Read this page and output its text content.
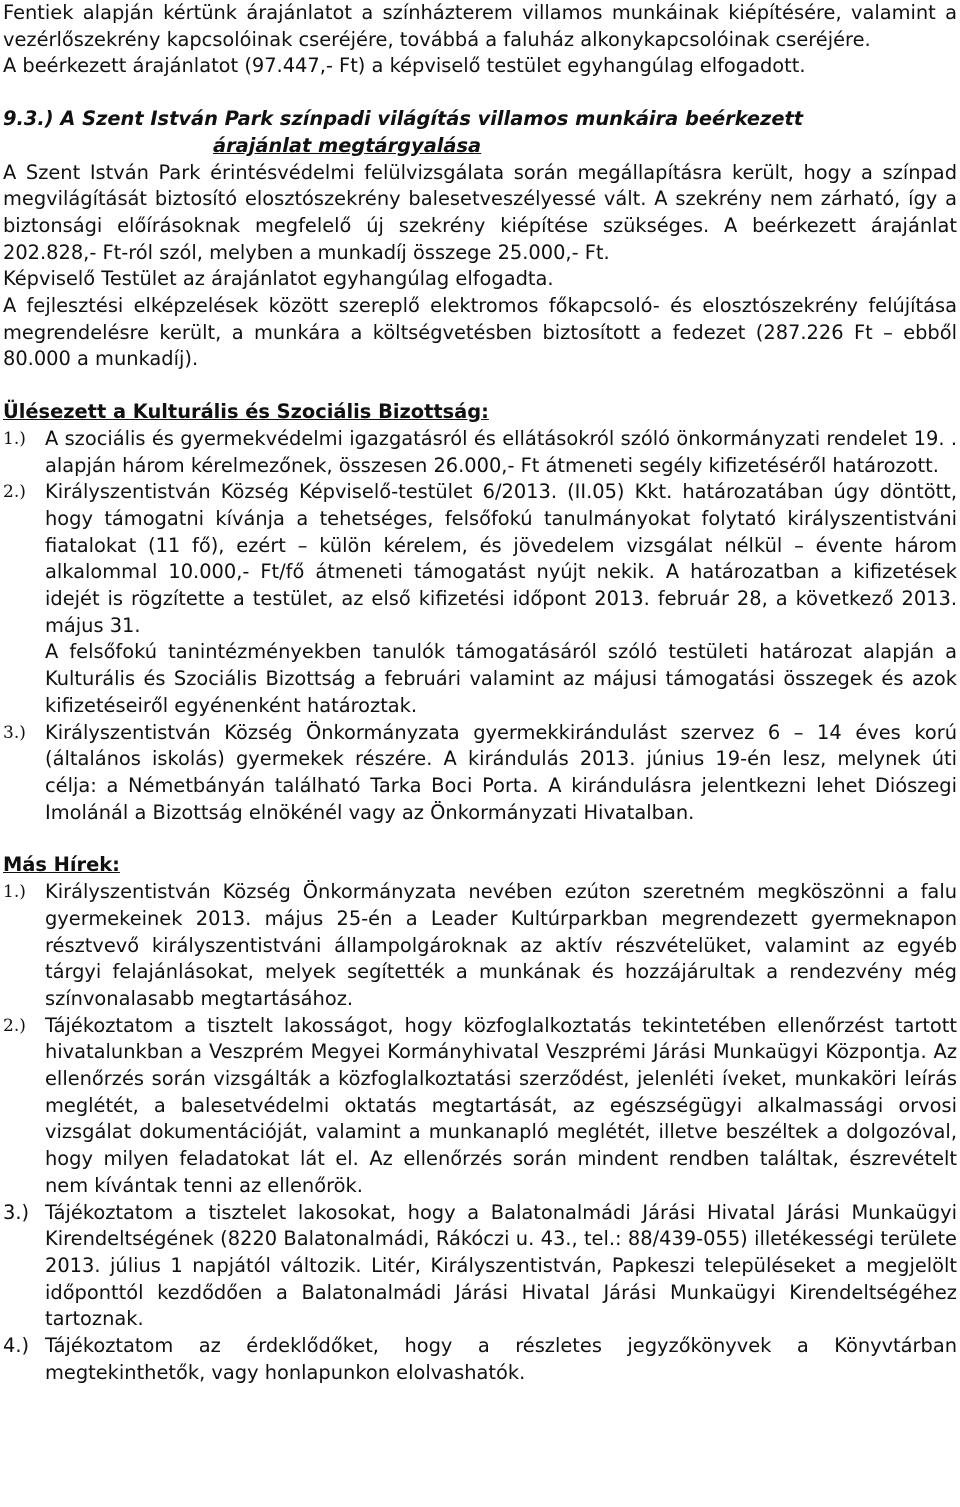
Fentiek alapján kértünk árajánlatot a színházterem villamos munkáinak kiépítésére, valamint a vezérlőszekrény kapcsolóinak cseréjére, továbbá a faluház alkonykapcsolóinak cseréjére.

A beérkezett árajánlatot (97.447,- Ft) a képviselő testület egyhangúlag elfogadott.

9.3.) A Szent István Park színpadi világítás villamos munkáira beérkezett
árajánlat megtárgyalása

A Szent István Park érintésvédelmi felülvizsgálata során megállapításra került, hogy a színpad megvilágítását biztosító elosztószekrény balesetveszélyessé vált. A szekrény nem zárható, így a biztonsági előírásoknak megfelelő új szekrény kiépítése szükséges. A beérkezett árajánlat 202.828,- Ft-ról szól, melyben a munkadíj összege 25.000,- Ft.

Képviselő Testület az árajánlatot egyhangúlag elfogadta.

A fejlesztési elképzelések között szereplő elektromos főkapcsoló- és elosztószekrény felújítása megrendelésre került, a munkára a költségvetésben biztosított a fedezet (287.226 Ft – ebből 80.000 a munkadíj).

Ülésezett a Kulturális és Szociális Bizottság:
1.) A szociális és gyermekvédelmi igazgatásról és ellátásokról szóló önkormányzati rendelet 19. . alapján három kérelmezőnek, összesen 26.000,- Ft átmeneti segély kifizetéséről határozott.

2.) Királyszentistván Község Képviselő-testület 6/2013. (II.05) Kkt. határozatában úgy döntött, hogy támogatni kívánja a tehetséges, felsőfokú tanulmányokat folytató királyszentistváni fiatalokat (11 fő), ezért – külön kérelem, és jövedelem vizsgálat nélkül – évente három alkalommal 10.000,- Ft/fő átmeneti támogatást nyújt nekik. A határozatban a kifizetések idejét is rögzítette a testület, az első kifizetési időpont 2013. február 28, a következő 2013. május 31.

A felsőfokú tanintézményekben tanulók támogatásáról szóló testületi határozat alapján a Kulturális és Szociális Bizottság a februári valamint az májusi támogatási összegek és azok kifizetéseiről egyénenként határoztak.

3.) Királyszentistván Község Önkormányzata gyermekkirándulást szervez 6 – 14 éves korú (általános iskolás) gyermekek részére. A kirándulás 2013. június 19-én lesz, melynek úti célja: a Németbányán található Tarka Boci Porta. A kirándulásra jelentkezni lehet Diószegi Imolánál a Bizottság elnökénél vagy az Önkormányzati Hivatalban.

Más Hírek:
1.) Királyszentistván Község Önkormányzata nevében ezúton szeretném megköszönni a falu gyermekeinek 2013. május 25-én a Leader Kultúrparkban megrendezett gyermeknapon résztvevő királyszentistváni állampolgároknak az aktív részvételüket, valamint az egyéb tárgyi felajánlásokat, melyek segítették a munkának és hozzájárultak a rendezvény még színvonalasabb megtartásához.

2.) Tájékoztatom a tisztelt lakosságot, hogy közfoglalkoztatás tekintetében ellenőrzést tartott hivatalunkban a Veszprém Megyei Kormányhivatal Veszprémi Járási Munkaügyi Központja. Az ellenőrzés során vizsgálták a közfoglalkoztatási szerződést, jelenléti íveket, munkaköri leírás meglétét, a balesetvédelmi oktatás megtartását, az egészségügyi alkalmassági orvosi vizsgálat dokumentációját, valamint a munkanapló meglétét, illetve beszéltek a dolgozóval, hogy milyen feladatokat lát el. Az ellenőrzés során mindent rendben találtak, észrevételt nem kívántak tenni az ellenőrök.

3.) Tájékoztatom a tisztelet lakosokat, hogy a Balatonalmádi Járási Hivatal Járási Munkaügyi Kirendeltségének (8220 Balatonalmádi, Rákóczi u. 43., tel.: 88/439-055) illetékességi területe 2013. július 1 napjától változik. Litér, Királyszentistván, Papkeszi településeket a megjelölt időponttól kezdődően a Balatonalmádi Járási Hivatal Járási Munkaügyi Kirendeltségéhez tartoznak.

4.) Tájékoztatom az érdeklődőket, hogy a részletes jegyzőkönyvek a Könyvtárban megtekinthetők, vagy honlapunkon elolvashatók.
